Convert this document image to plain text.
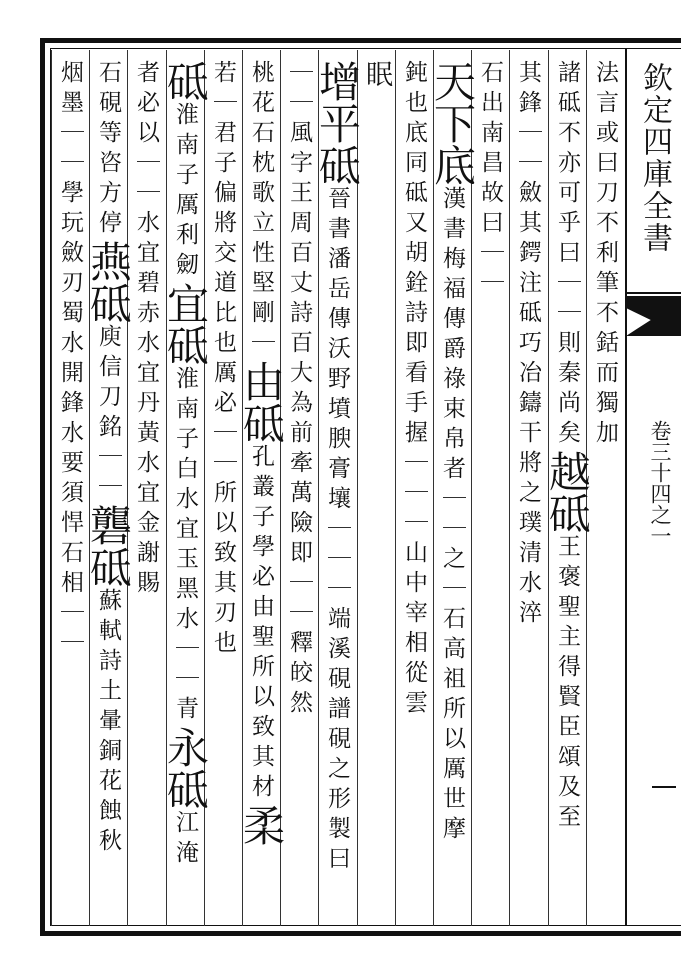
欽定四庫全書
卷三十四之一
法言或曰刀不利筆不銛而獨加
諸砥不亦可乎曰｜｜則秦尚矣越砥王褒聖主得賢臣頌及至
其鋒｜｜斂其鍔注砥巧冶鑄干將之璞清水淬
石出南昌故曰｜｜
天下底漢書梅福傳爵祿束帛者｜｜之｜石高祖所以厲世摩
鈍也底同砥又胡銓詩即看手握｜｜｜山中宰相從雲
眠
增平砥晉書潘岳傳沃野墳腴膏壤｜｜｜端溪硯譜硯之形製曰
｜｜風字王周百丈詩百大為前牽萬險即｜｜釋皎然
桃花石枕歌立性堅剛｜由砥孔叢子學必由聖所以致其材柔
若｜君子偏將交道比也厲必｜｜所以致其刃也
砥淮南子厲利劒宜砥淮南子白水宜玉黑水｜｜青永砥江淹
者必以｜｜水宜碧赤水宜丹黃水宜金謝賜
石硯等咨方停燕砥庾信刀銘｜｜礱砥蘇軾詩土暈銅花蝕秋
烟墨｜｜學玩斂刃蜀水開鋒水要須悍石相｜｜
